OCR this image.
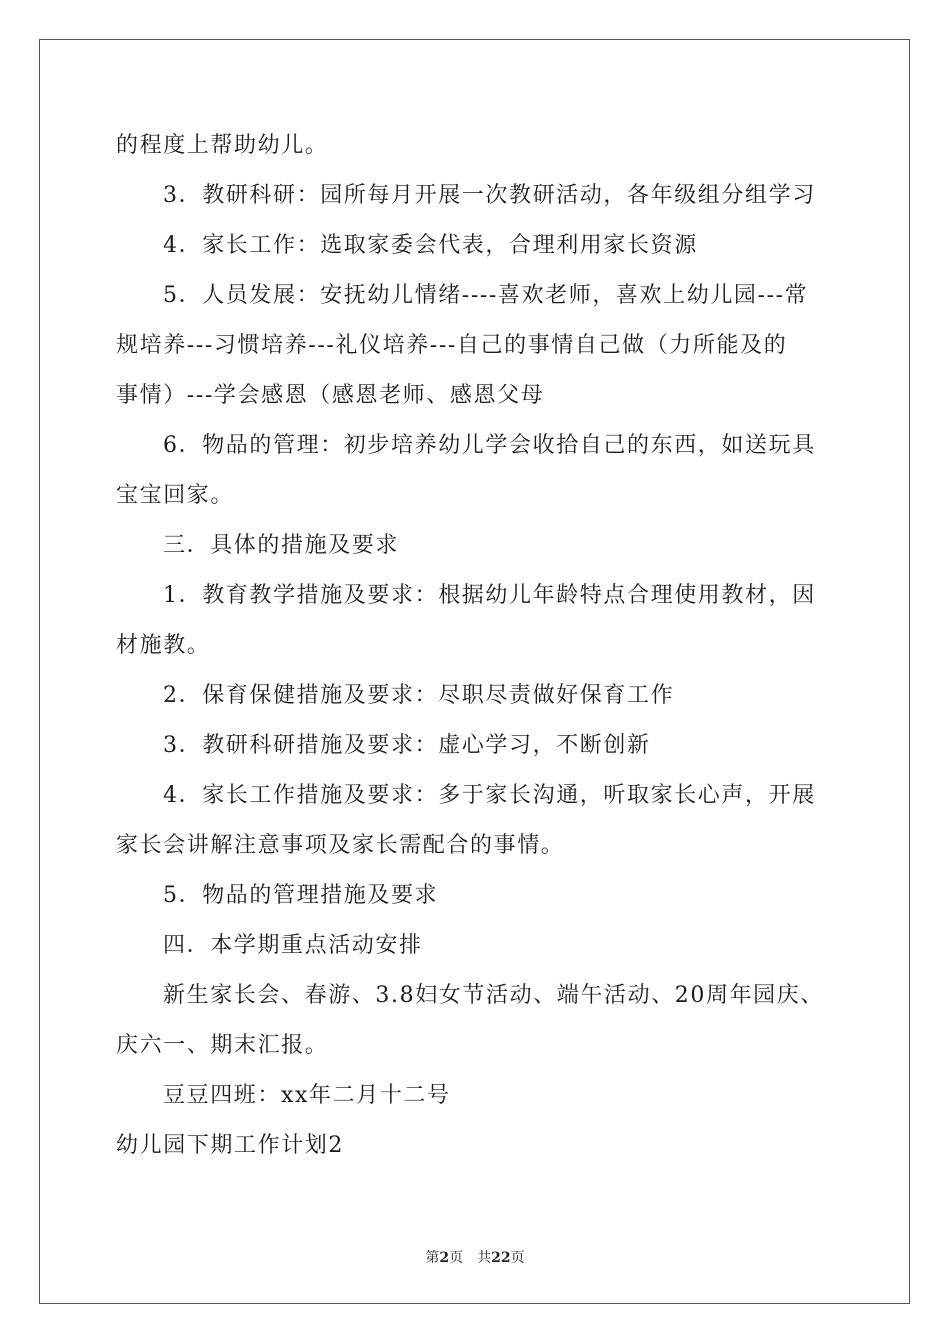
的程度上帮助幼儿。
3．教研科研：园所每月开展一次教研活动，各年级组分组学习
4．家长工作：选取家委会代表，合理利用家长资源
5．人员发展：安抚幼儿情绪----喜欢老师，喜欢上幼儿园---常
规培养---习惯培养---礼仪培养---自己的事情自己做（力所能及的
事情）---学会感恩（感恩老师、感恩父母
6．物品的管理：初步培养幼儿学会收拾自己的东西，如送玩具
宝宝回家。
三．具体的措施及要求
1．教育教学措施及要求：根据幼儿年龄特点合理使用教材，因
材施教。
2．保育保健措施及要求：尽职尽责做好保育工作
3．教研科研措施及要求：虚心学习，不断创新
4．家长工作措施及要求：多于家长沟通，听取家长心声，开展
家长会讲解注意事项及家长需配合的事情。
5．物品的管理措施及要求
四．本学期重点活动安排
新生家长会、春游、3.8妇女节活动、端午活动、20周年园庆、
庆六一、期末汇报。
豆豆四班：xx年二月十二号
幼儿园下期工作计划2
第2页 共22页
